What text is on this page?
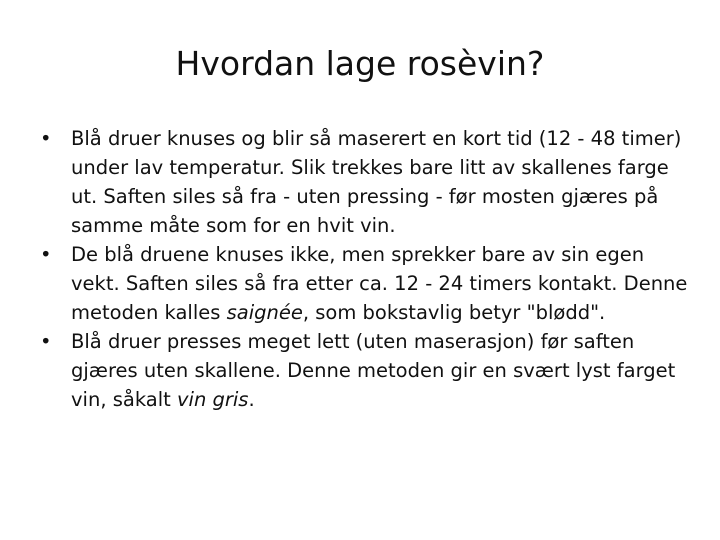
Hvordan lage rosèvin?
• Blå druer knuses og blir så maserert en kort tid (12 - 48 timer) under lav temperatur. Slik trekkes bare litt av skallenes farge ut. Saften siles så fra - uten pressing - før mosten gjæres på samme måte som for en hvit vin.
• De blå druene knuses ikke, men sprekker bare av sin egen vekt. Saften siles så fra etter ca. 12 - 24 timers kontakt. Denne metoden kalles saignée, som bokstavlig betyr "blødd".
• Blå druer presses meget lett (uten maserasjon) før saften gjæres uten skallene. Denne metoden gir en svært lyst farget vin, såkalt vin gris.
